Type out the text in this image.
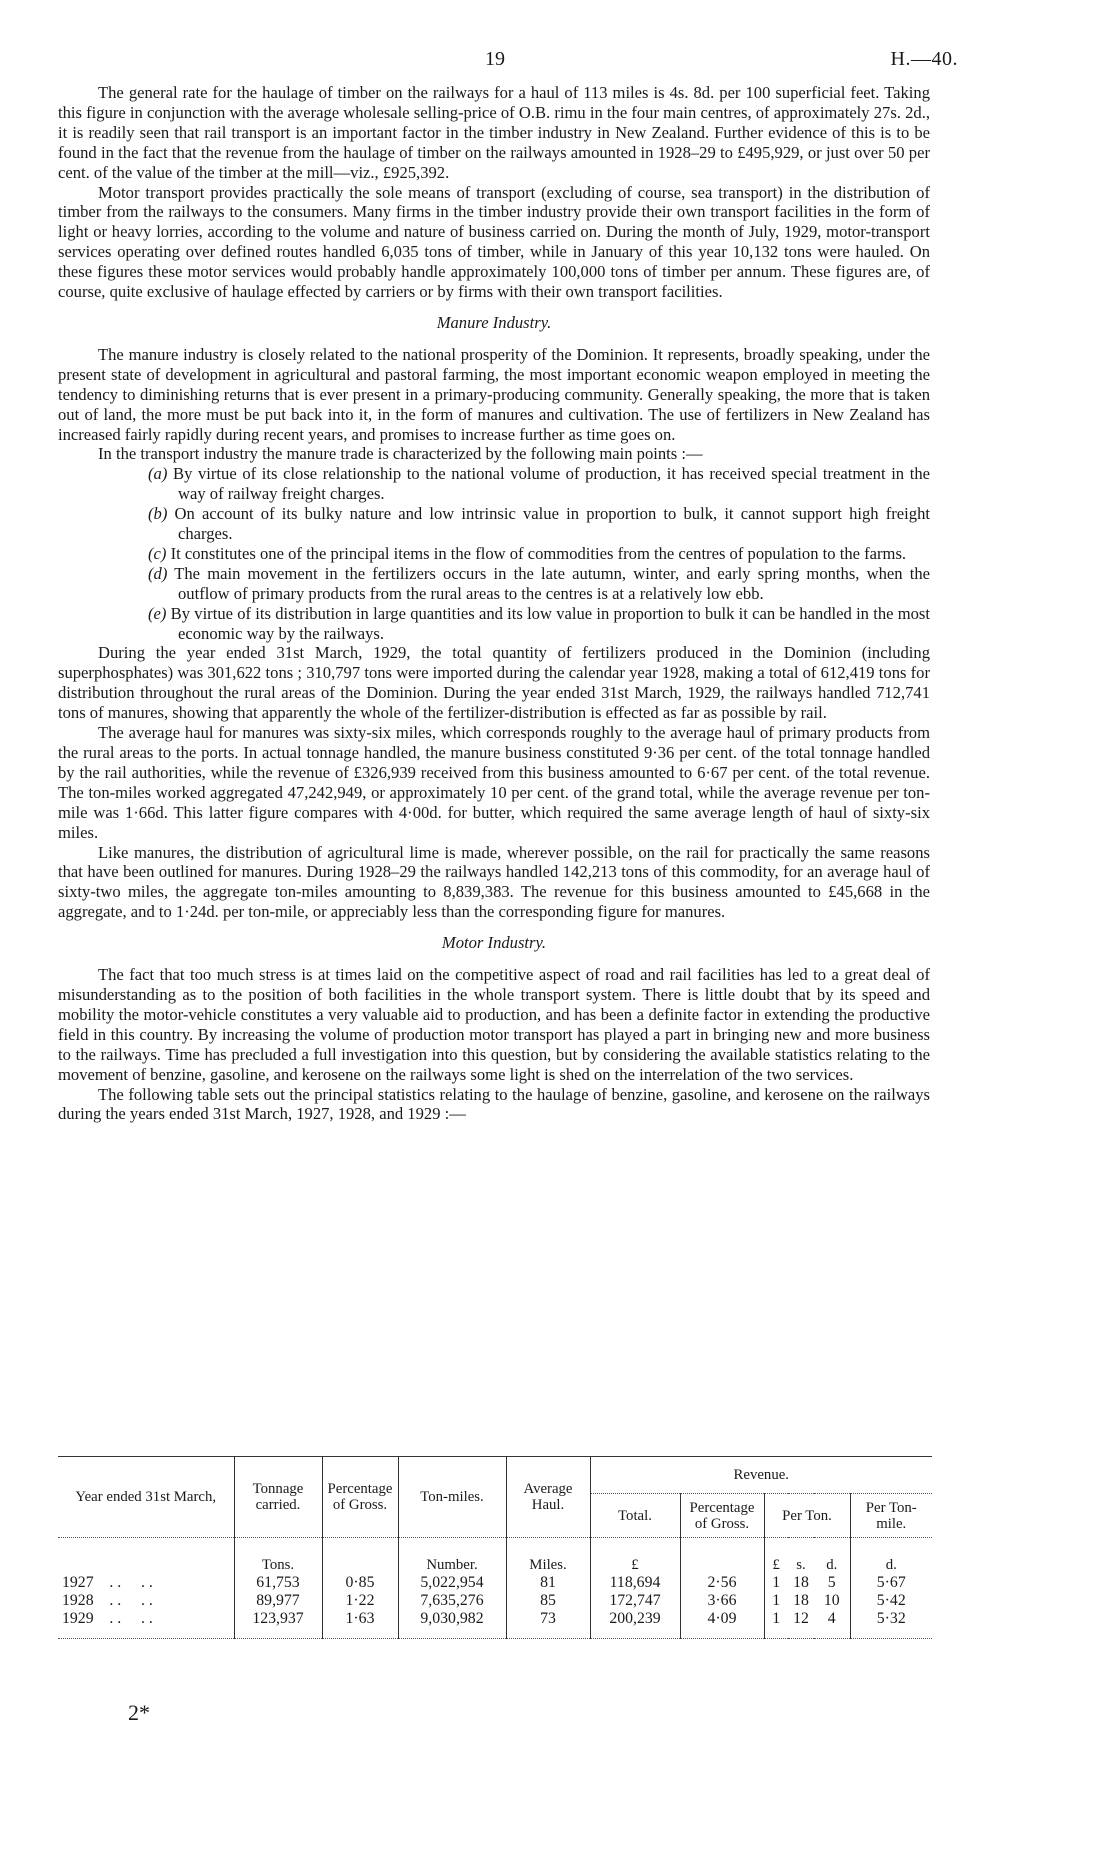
19	H.—40.

The general rate for the haulage of timber on the railways for a haul of 113 miles is 4s. 8d. per 100 superficial feet. Taking this figure in conjunction with the average wholesale selling-price of O.B. rimu in the four main centres, of approximately 27s. 2d., it is readily seen that rail transport is an important factor in the timber industry in New Zealand. Further evidence of this is to be found in the fact that the revenue from the haulage of timber on the railways amounted in 1928–29 to £495,929, or just over 50 per cent. of the value of the timber at the mill—viz., £925,392.

Motor transport provides practically the sole means of transport (excluding of course, sea transport) in the distribution of timber from the railways to the consumers. Many firms in the timber industry provide their own transport facilities in the form of light or heavy lorries, according to the volume and nature of business carried on. During the month of July, 1929, motor-transport services operating over defined routes handled 6,035 tons of timber, while in January of this year 10,132 tons were hauled. On these figures these motor services would probably handle approximately 100,000 tons of timber per annum. These figures are, of course, quite exclusive of haulage effected by carriers or by firms with their own transport facilities.

Manure Industry.

The manure industry is closely related to the national prosperity of the Dominion. It represents, broadly speaking, under the present state of development in agricultural and pastoral farming, the most important economic weapon employed in meeting the tendency to diminishing returns that is ever present in a primary-producing community. Generally speaking, the more that is taken out of land, the more must be put back into it, in the form of manures and cultivation. The use of fertilizers in New Zealand has increased fairly rapidly during recent years, and promises to increase further as time goes on.

In the transport industry the manure trade is characterized by the following main points :—

(a) By virtue of its close relationship to the national volume of production, it has received special treatment in the way of railway freight charges.
(b) On account of its bulky nature and low intrinsic value in proportion to bulk, it cannot support high freight charges.
(c) It constitutes one of the principal items in the flow of commodities from the centres of population to the farms.
(d) The main movement in the fertilizers occurs in the late autumn, winter, and early spring months, when the outflow of primary products from the rural areas to the centres is at a relatively low ebb.
(e) By virtue of its distribution in large quantities and its low value in proportion to bulk it can be handled in the most economic way by the railways.

During the year ended 31st March, 1929, the total quantity of fertilizers produced in the Dominion (including superphosphates) was 301,622 tons ; 310,797 tons were imported during the calendar year 1928, making a total of 612,419 tons for distribution throughout the rural areas of the Dominion. During the year ended 31st March, 1929, the railways handled 712,741 tons of manures, showing that apparently the whole of the fertilizer-distribution is effected as far as possible by rail.

The average haul for manures was sixty-six miles, which corresponds roughly to the average haul of primary products from the rural areas to the ports. In actual tonnage handled, the manure business constituted 9·36 per cent. of the total tonnage handled by the rail authorities, while the revenue of £326,939 received from this business amounted to 6·67 per cent. of the total revenue. The ton-miles worked aggregated 47,242,949, or approximately 10 per cent. of the grand total, while the average revenue per ton-mile was 1·66d. This latter figure compares with 4·00d. for butter, which required the same average length of haul of sixty-six miles.

Like manures, the distribution of agricultural lime is made, wherever possible, on the rail for practically the same reasons that have been outlined for manures. During 1928–29 the railways handled 142,213 tons of this commodity, for an average haul of sixty-two miles, the aggregate ton-miles amounting to 8,839,383. The revenue for this business amounted to £45,668 in the aggregate, and to 1·24d. per ton-mile, or appreciably less than the corresponding figure for manures.

Motor Industry.

The fact that too much stress is at times laid on the competitive aspect of road and rail facilities has led to a great deal of misunderstanding as to the position of both facilities in the whole transport system. There is little doubt that by its speed and mobility the motor-vehicle constitutes a very valuable aid to production, and has been a definite factor in extending the productive field in this country. By increasing the volume of production motor transport has played a part in bringing new and more business to the railways. Time has precluded a full investigation into this question, but by considering the available statistics relating to the movement of benzine, gasoline, and kerosene on the railways some light is shed on the interrelation of the two services.

The following table sets out the principal statistics relating to the haulage of benzine, gasoline, and kerosene on the railways during the years ended 31st March, 1927, 1928, and 1929 :—

Year ended 31st March,	Tonnage carried.	Percentage of Gross.	Ton-miles.	Average Haul.	Revenue.					
					Total.	Percentage of Gross.	Per Ton.			Per Ton-mile.
	Tons.		Number.	Miles.	£		£	s.	d.	d.
1927 . .     . .	61,753	0·85	5,022,954	81	118,694	2·56	1	18	5	5·67
1928 . .     . .	89,977	1·22	7,635,276	85	172,747	3·66	1	18	10	5·42
1929 . .     . .	123,937	1·63	9,030,982	73	200,239	4·09	1	12	4	5·32
2*
